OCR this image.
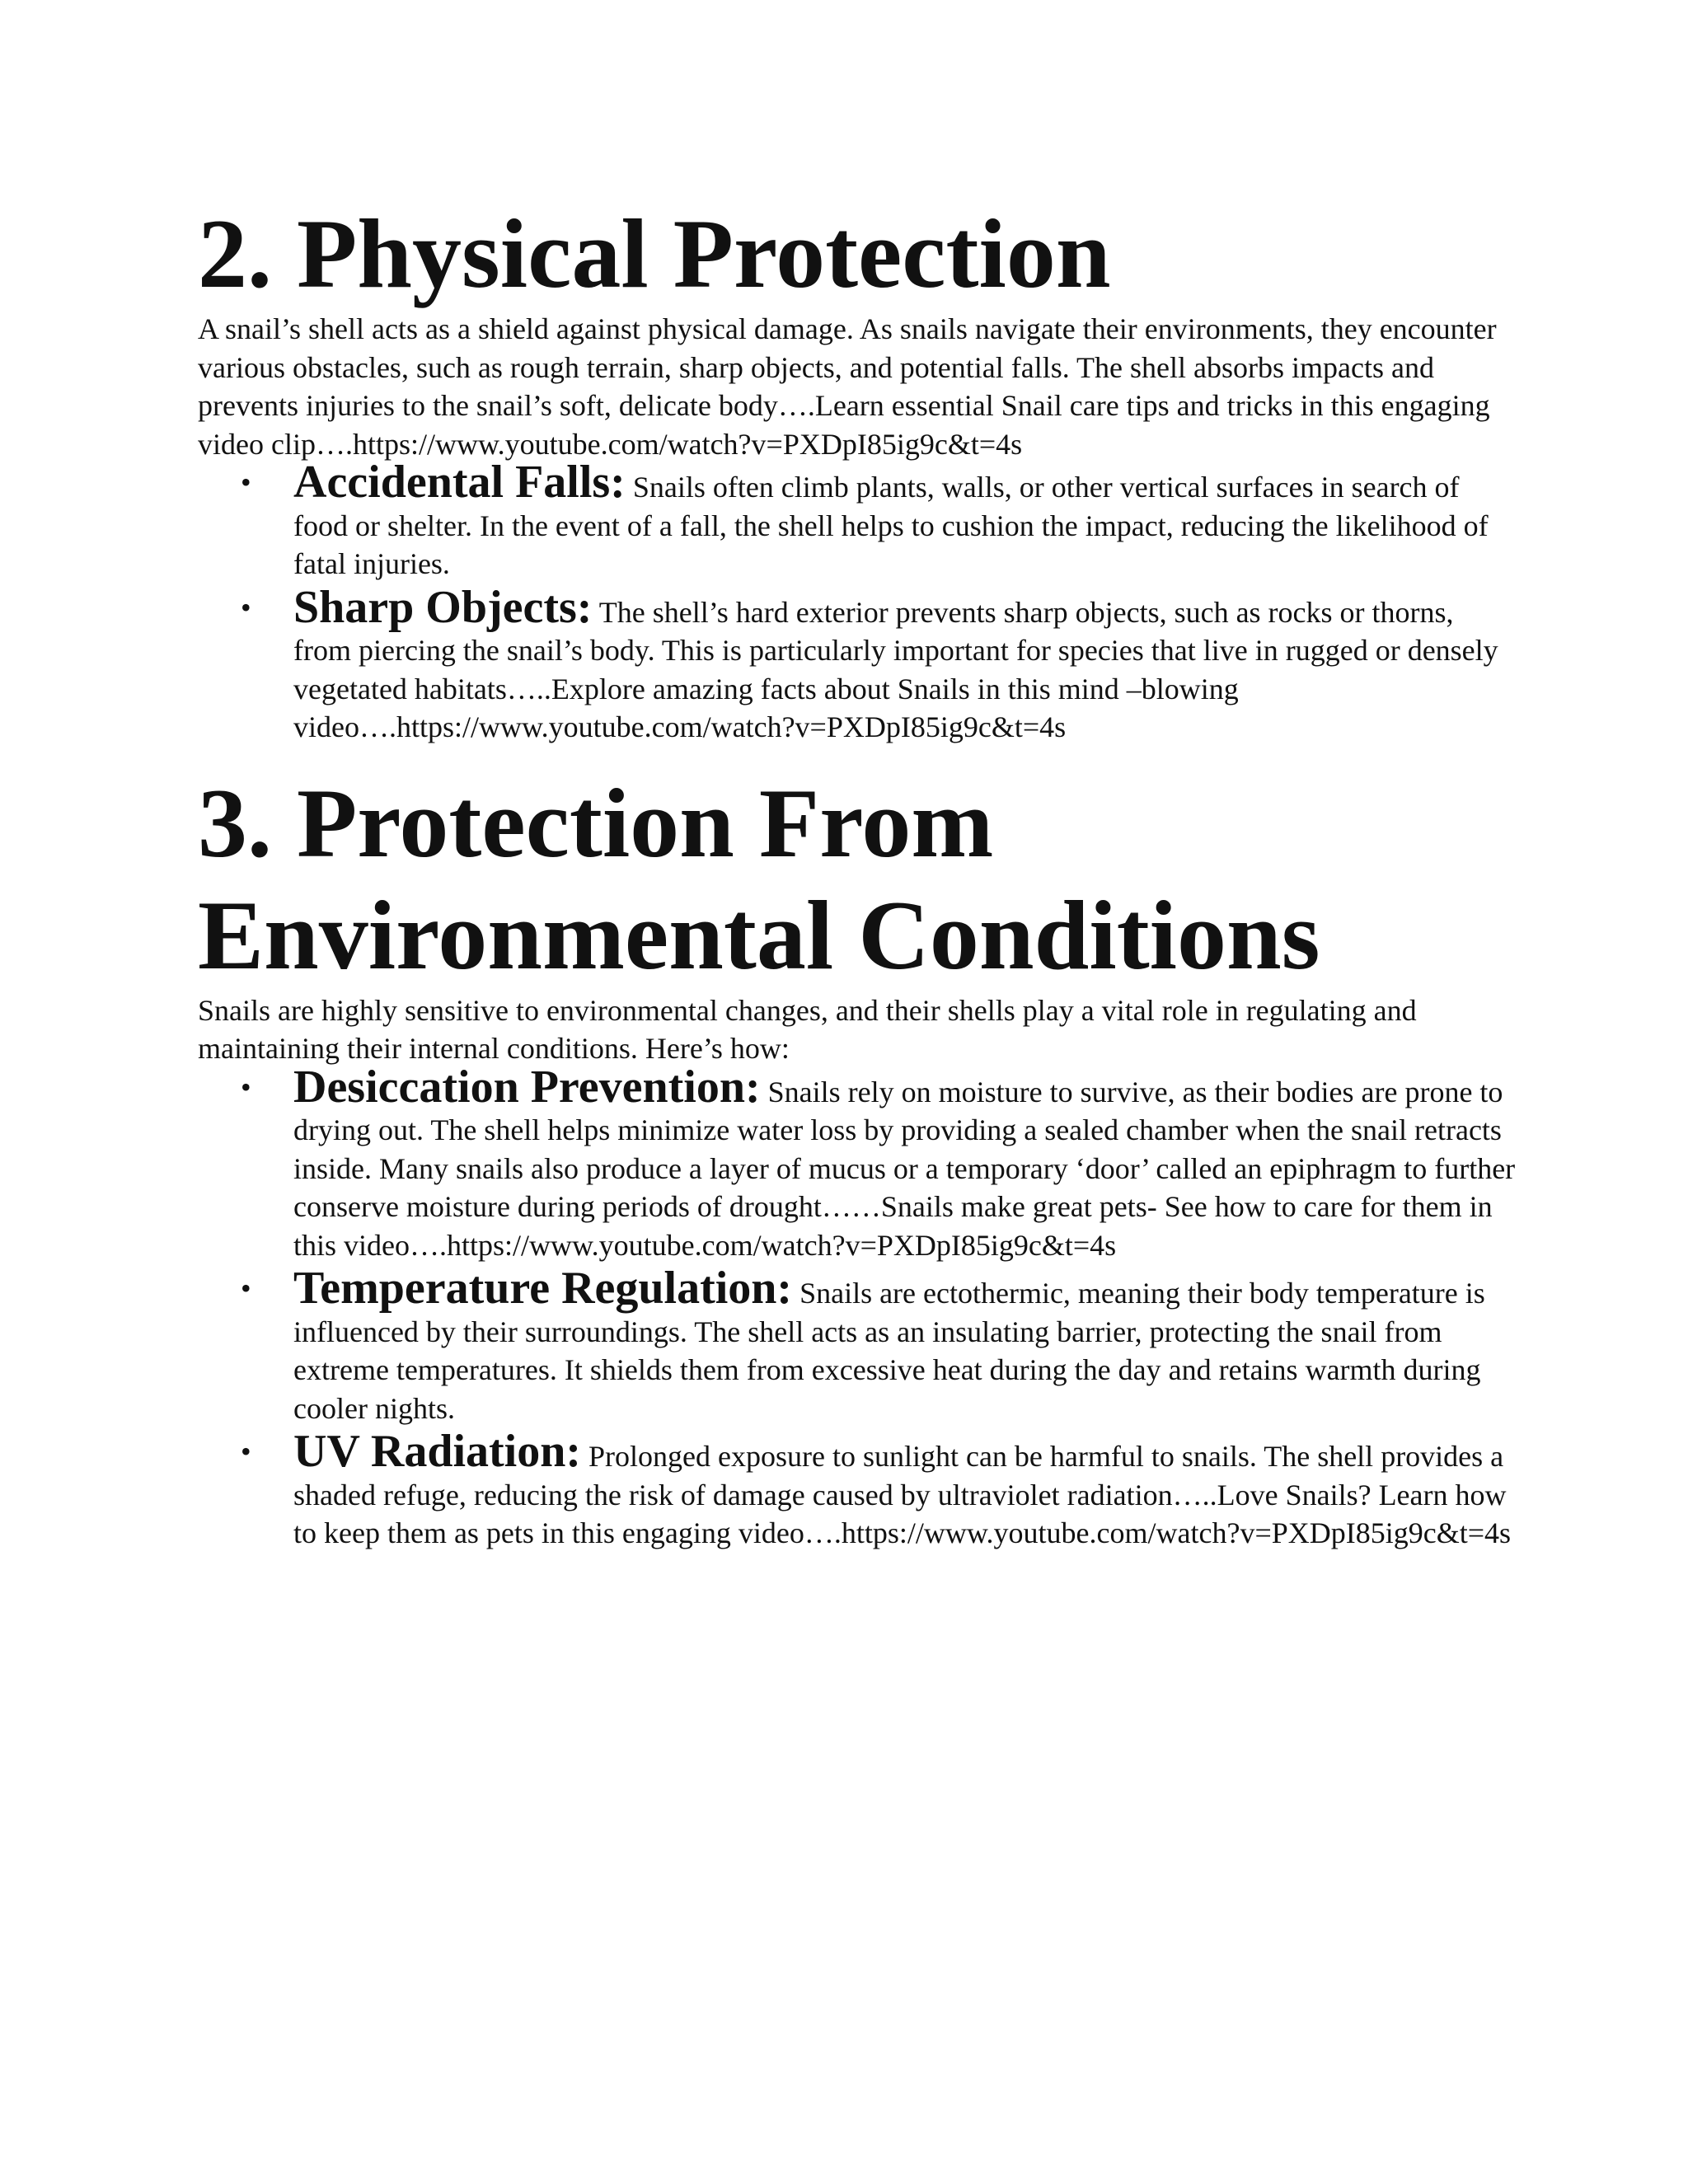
2. Physical Protection

A snail’s shell acts as a shield against physical damage. As snails navigate their environments, they encounter various obstacles, such as rough terrain, sharp objects, and potential falls. The shell absorbs impacts and prevents injuries to the snail’s soft, delicate body….Learn essential Snail care tips and tricks in this engaging video clip….https://www.youtube.com/watch?v=PXDpI85ig9c&t=4s

• Accidental Falls: Snails often climb plants, walls, or other vertical surfaces in search of food or shelter. In the event of a fall, the shell helps to cushion the impact, reducing the likelihood of fatal injuries.
• Sharp Objects: The shell’s hard exterior prevents sharp objects, such as rocks or thorns, from piercing the snail’s body. This is particularly important for species that live in rugged or densely vegetated habitats…..Explore amazing facts about Snails in this mind –blowing video….https://www.youtube.com/watch?v=PXDpI85ig9c&t=4s
3. Protection From Environmental Conditions

Snails are highly sensitive to environmental changes, and their shells play a vital role in regulating and maintaining their internal conditions. Here’s how:

• Desiccation Prevention: Snails rely on moisture to survive, as their bodies are prone to drying out. The shell helps minimize water loss by providing a sealed chamber when the snail retracts inside. Many snails also produce a layer of mucus or a temporary ‘door’ called an epiphragm to further conserve moisture during periods of drought……Snails make great pets- See how to care for them in this video….https://www.youtube.com/watch?v=PXDpI85ig9c&t=4s
• Temperature Regulation: Snails are ectothermic, meaning their body temperature is influenced by their surroundings. The shell acts as an insulating barrier, protecting the snail from extreme temperatures. It shields them from excessive heat during the day and retains warmth during cooler nights.
• UV Radiation: Prolonged exposure to sunlight can be harmful to snails. The shell provides a shaded refuge, reducing the risk of damage caused by ultraviolet radiation…..Love Snails? Learn how to keep them as pets in this engaging video….https://www.youtube.com/watch?v=PXDpI85ig9c&t=4s
